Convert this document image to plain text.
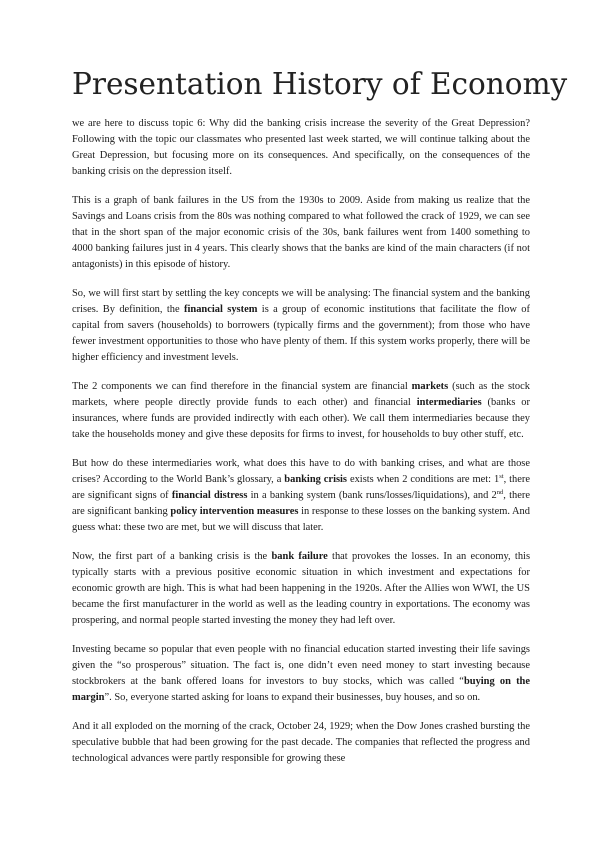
Presentation History of Economy

we are here to discuss topic 6: Why did the banking crisis increase the severity of the Great Depression? Following with the topic our classmates who presented last week started, we will continue talking about the Great Depression, but focusing more on its consequences. And specifically, on the consequences of the banking crisis on the depression itself.

This is a graph of bank failures in the US from the 1930s to 2009. Aside from making us realize that the Savings and Loans crisis from the 80s was nothing compared to what followed the crack of 1929, we can see that in the short span of the major economic crisis of the 30s, bank failures went from 1400 something to 4000 banking failures just in 4 years. This clearly shows that the banks are kind of the main characters (if not antagonists) in this episode of history.

So, we will first start by settling the key concepts we will be analysing: The financial system and the banking crises. By definition, the financial system is a group of economic institutions that facilitate the flow of capital from savers (households) to borrowers (typically firms and the government); from those who have fewer investment opportunities to those who have plenty of them. If this system works properly, there will be higher efficiency and investment levels.

The 2 components we can find therefore in the financial system are financial markets (such as the stock markets, where people directly provide funds to each other) and financial intermediaries (banks or insurances, where funds are provided indirectly with each other). We call them intermediaries because they take the households money and give these deposits for firms to invest, for households to buy other stuff, etc.

But how do these intermediaries work, what does this have to do with banking crises, and what are those crises? According to the World Bank’s glossary, a banking crisis exists when 2 conditions are met: 1st, there are significant signs of financial distress in a banking system (bank runs/losses/liquidations), and 2nd, there are significant banking policy intervention measures in response to these losses on the banking system. And guess what: these two are met, but we will discuss that later.

Now, the first part of a banking crisis is the bank failure that provokes the losses. In an economy, this typically starts with a previous positive economic situation in which investment and expectations for economic growth are high. This is what had been happening in the 1920s. After the Allies won WWI, the US became the first manufacturer in the world as well as the leading country in exportations. The economy was prospering, and normal people started investing the money they had left over.

Investing became so popular that even people with no financial education started investing their life savings given the “so prosperous” situation. The fact is, one didn’t even need money to start investing because stockbrokers at the bank offered loans for investors to buy stocks, which was called “buying on the margin”. So, everyone started asking for loans to expand their businesses, buy houses, and so on.

And it all exploded on the morning of the crack, October 24, 1929; when the Dow Jones crashed bursting the speculative bubble that had been growing for the past decade. The companies that reflected the progress and technological advances were partly responsible for growing these
